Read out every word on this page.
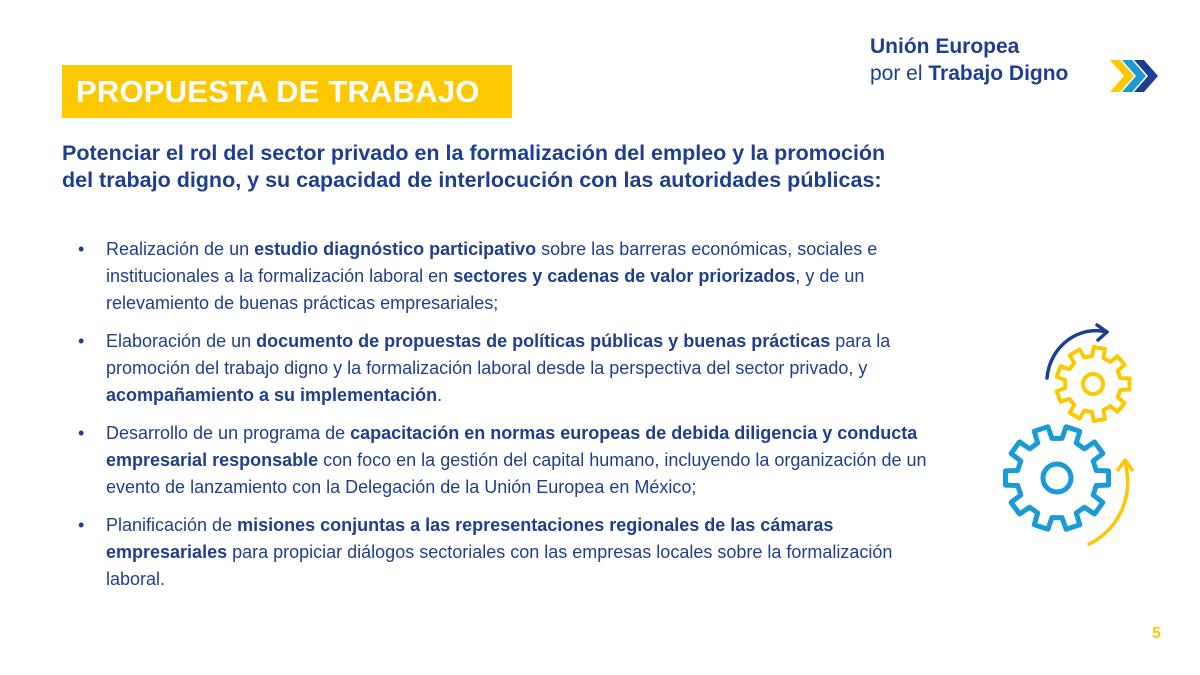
PROPUESTA DE TRABAJO
Unión Europea
por el Trabajo Digno

Potenciar el rol del sector privado en la formalización del empleo y la promoción del trabajo digno, y su capacidad de interlocución con las autoridades públicas:

• Realización de un estudio diagnóstico participativo sobre las barreras económicas, sociales e institucionales a la formalización laboral en sectores y cadenas de valor priorizados, y de un relevamiento de buenas prácticas empresariales;
• Elaboración de un documento de propuestas de políticas públicas y buenas prácticas para la promoción del trabajo digno y la formalización laboral desde la perspectiva del sector privado, y acompañamiento a su implementación.
• Desarrollo de un programa de capacitación en normas europeas de debida diligencia y conducta empresarial responsable con foco en la gestión del capital humano, incluyendo la organización de un evento de lanzamiento con la Delegación de la Unión Europea en México;
• Planificación de misiones conjuntas a las representaciones regionales de las cámaras empresariales para propiciar diálogos sectoriales con las empresas locales sobre la formalización laboral.
5
